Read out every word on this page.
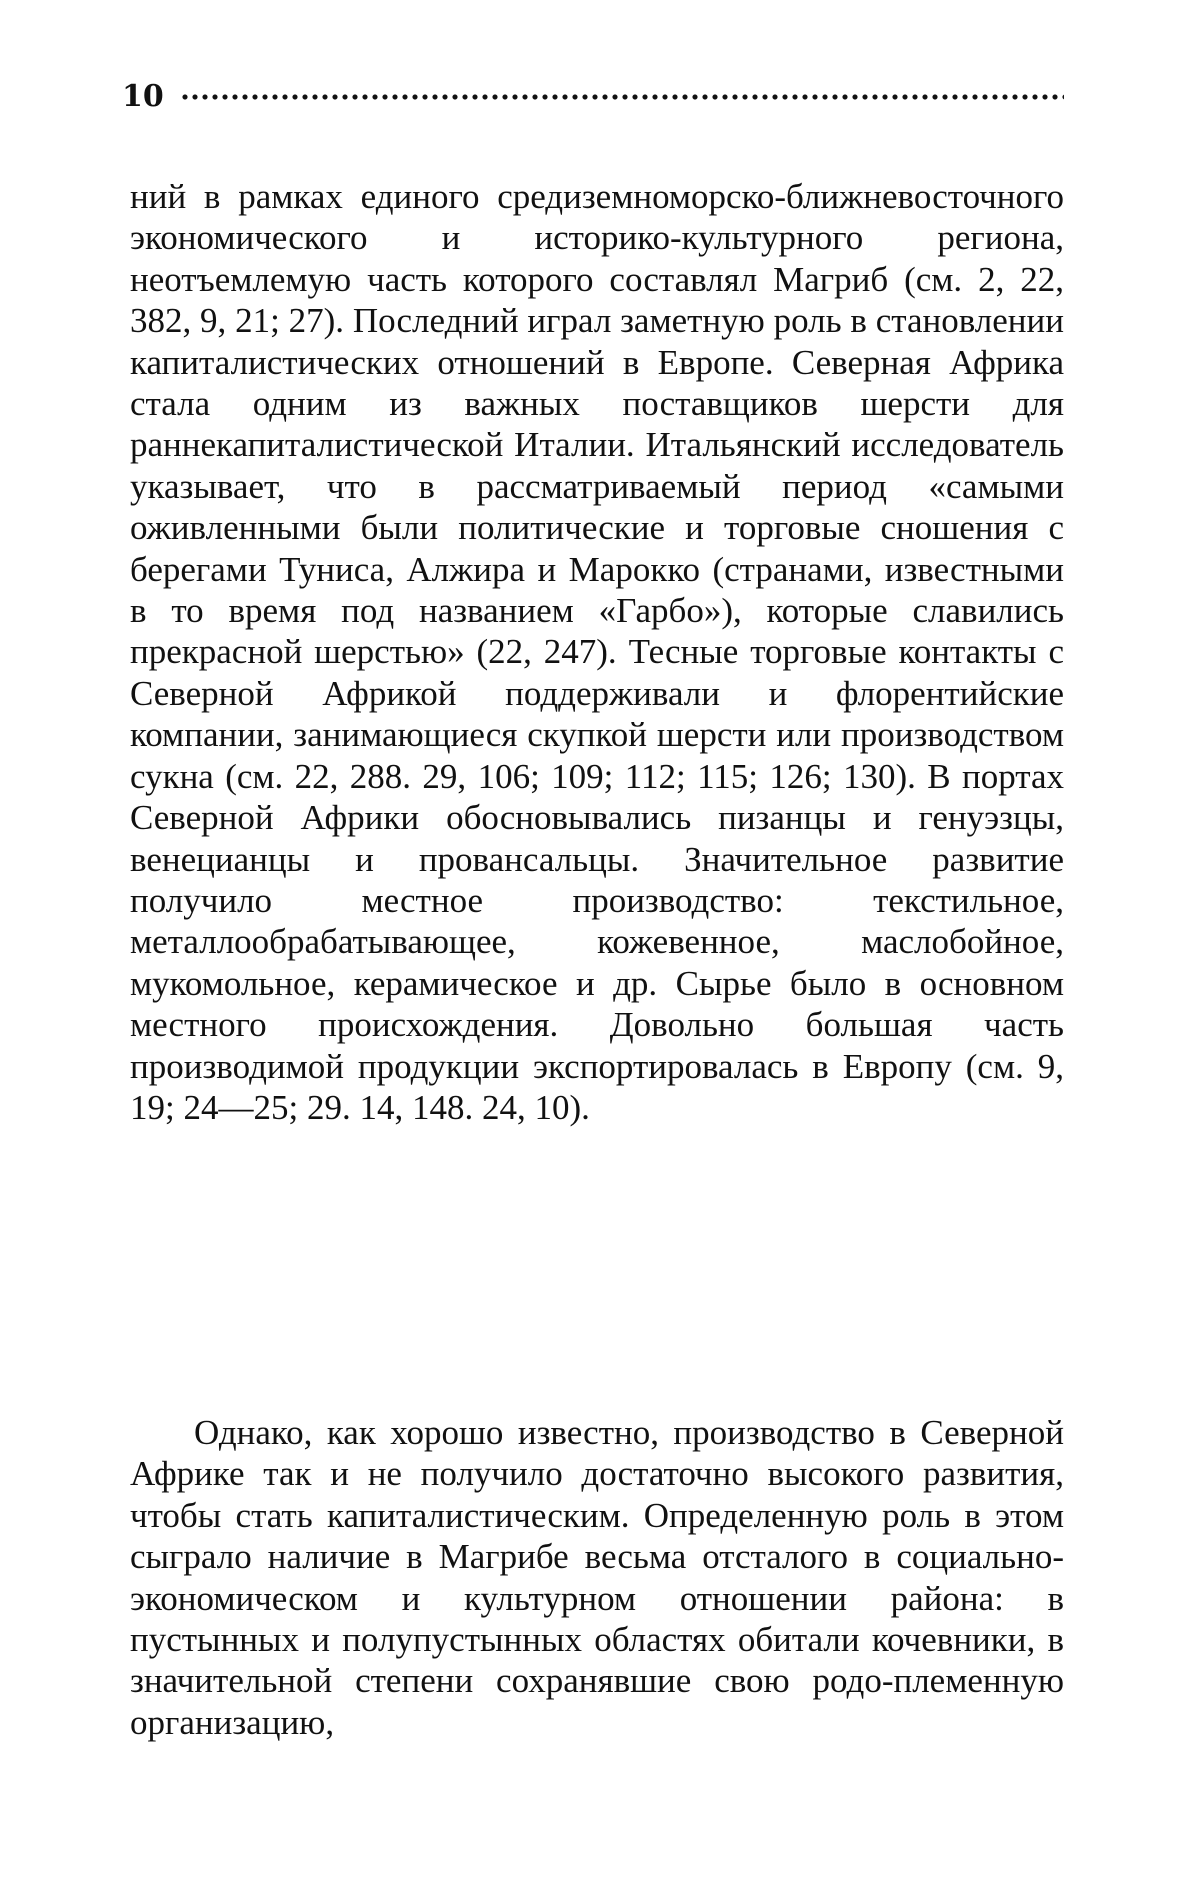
10

ний в рамках единого средиземноморско-ближневосточного экономического и историко-культурного региона, неотъемлемую часть которого составлял Магриб (см. 2, 22, 382, 9, 21; 27). Последний играл заметную роль в становлении капиталистических отношений в Европе. Северная Африка стала одним из важных поставщиков шерсти для раннекапиталистической Италии. Итальянский исследователь указывает, что в рассматриваемый период «самыми оживленными были политические и торговые сношения с берегами Туниса, Алжира и Марокко (странами, известными в то время под названием «Гарбо»), которые славились прекрасной шерстью» (22, 247). Тесные торговые контакты с Северной Африкой поддерживали и флорентийские компании, занимающиеся скупкой шерсти или производством сукна (см. 22, 288. 29, 106; 109; 112; 115; 126; 130). В портах Северной Африки обосновывались пизанцы и генуэзцы, венецианцы и провансальцы. Значительное развитие получило местное производство: текстильное, металлообрабатывающее, кожевенное, маслобойное, мукомольное, керамическое и др. Сырье было в основном местного происхождения. Довольно большая часть производимой продукции экспортировалась в Европу (см. 9, 19; 24—25; 29. 14, 148. 24, 10).

Однако, как хорошо известно, производство в Северной Африке так и не получило достаточно высокого развития, чтобы стать капиталистическим. Определенную роль в этом сыграло наличие в Магрибе весьма отсталого в социально-экономическом и культурном отношении района: в пустынных и полупустынных областях обитали кочевники, в значительной степени сохранявшие свою родо-племенную организацию,
